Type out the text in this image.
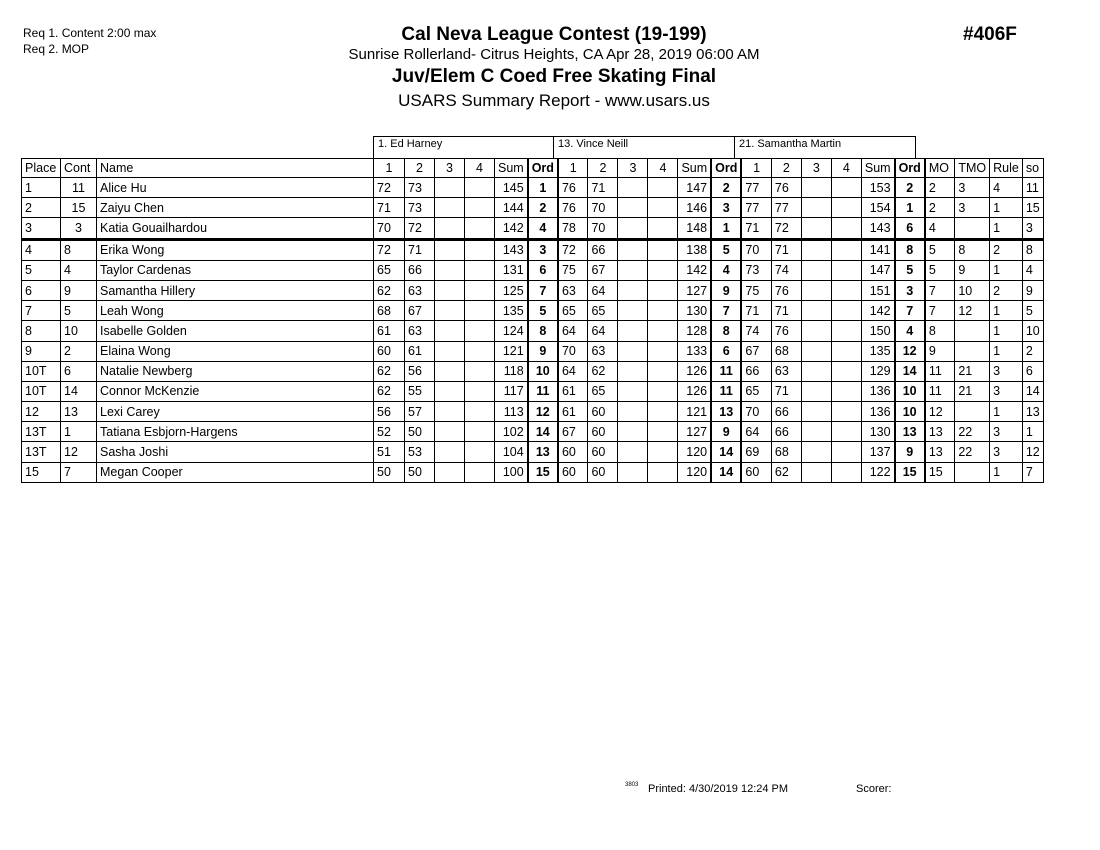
Req 1. Content 2:00 max
Req 2. MOP
Cal Neva League Contest (19-199)
Sunrise Rollerland- Citrus Heights, CA Apr 28, 2019 06:00 AM
Juv/Elem C Coed Free Skating Final
USARS Summary Report - www.usars.us
#406F
1. Ed Harney	13. Vince Neill	21. Samantha Martin
Place	Cont	Name	1	2	3	4	Sum	Ord	1	2	3	4	Sum	Ord	1	2	3	4	Sum	Ord	MO	TMO	Rule	so
1	11	Alice Hu	72	73			145	1	76	71			147	2	77	76			153	2	2	3	4	11
2	15	Zaiyu Chen	71	73			144	2	76	70			146	3	77	77			154	1	2	3	1	15
3	3	Katia Gouailhardou	70	72			142	4	78	70			148	1	71	72			143	6	4		1	3
4	8	Erika Wong	72	71			143	3	72	66			138	5	70	71			141	8	5	8	2	8
5	4	Taylor Cardenas	65	66			131	6	75	67			142	4	73	74			147	5	5	9	1	4
6	9	Samantha Hillery	62	63			125	7	63	64			127	9	75	76			151	3	7	10	2	9
7	5	Leah Wong	68	67			135	5	65	65			130	7	71	71			142	7	7	12	1	5
8	10	Isabelle Golden	61	63			124	8	64	64			128	8	74	76			150	4	8		1	10
9	2	Elaina Wong	60	61			121	9	70	63			133	6	67	68			135	12	9		1	2
10T	6	Natalie Newberg	62	56			118	10	64	62			126	11	66	63			129	14	11	21	3	6
10T	14	Connor McKenzie	62	55			117	11	61	65			126	11	65	71			136	10	11	21	3	14
12	13	Lexi Carey	56	57			113	12	61	60			121	13	70	66			136	10	12		1	13
13T	1	Tatiana Esbjorn-Hargens	52	50			102	14	67	60			127	9	64	66			130	13	13	22	3	1
13T	12	Sasha Joshi	51	53			104	13	60	60			120	14	69	68			137	9	13	22	3	12
15	7	Megan Cooper	50	50			100	15	60	60			120	14	60	62			122	15	15		1	7
3803 Printed: 4/30/2019 12:24 PM	Scorer:
